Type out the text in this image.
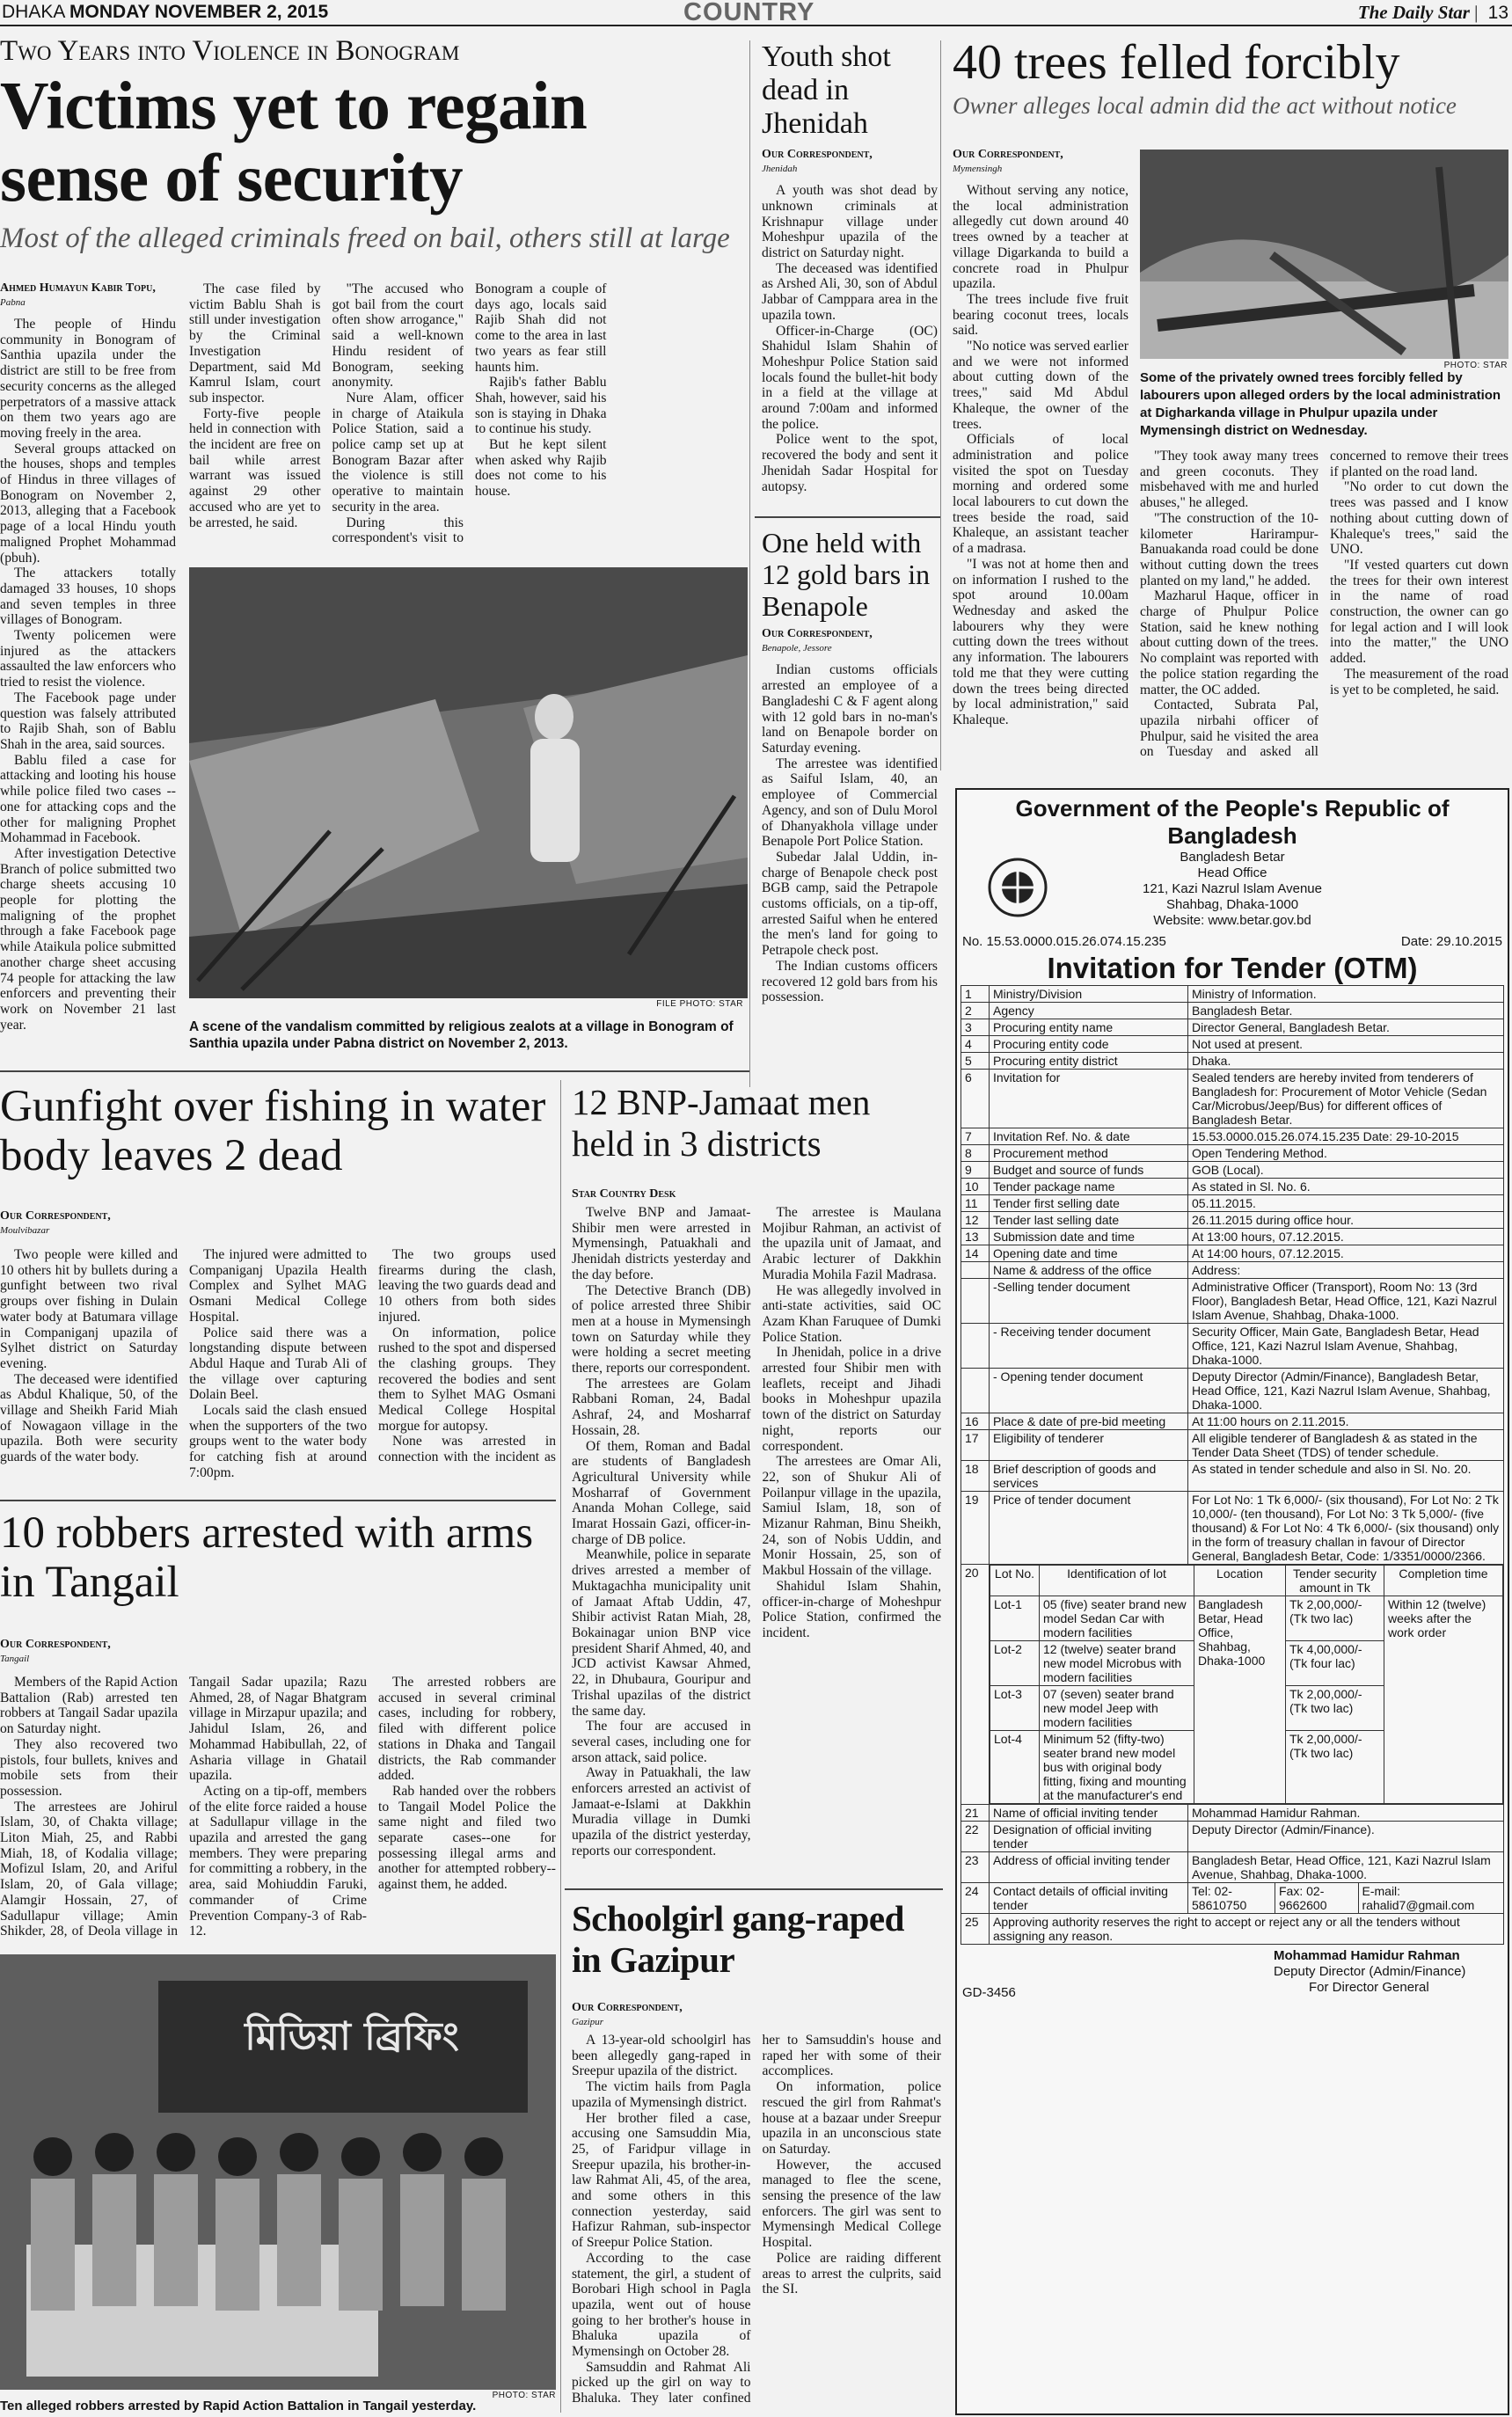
DHAKA MONDAY NOVEMBER 2, 2015	COUNTRY	The Daily Star | 13
Two Years into Violence in Bonogram
Victims yet to regain sense of security
Most of the alleged criminals freed on bail, others still at large
Ahmed Humayun Kabir Topu,
Pabna

The people of Hindu community in Bonogram of Santhia upazila under the district are still to be free from security concerns as the alleged perpetrators of a massive attack on them two years ago are moving freely in the area.

Several groups attacked on the houses, shops and temples of Hindus in three villages of Bonogram on November 2, 2013, alleging that a Facebook page of a local Hindu youth maligned Prophet Mohammad (pbuh).

The attackers totally damaged 33 houses, 10 shops and seven temples in three villages of Bonogram.

Twenty policemen were injured as the attackers assaulted the law enforcers who tried to resist the violence.

The Facebook page under question was falsely attributed to Rajib Shah, son of Bablu Shah in the area, said sources.

Bablu filed a case for attacking and looting his house while police filed two cases -- one for attacking cops and the other for maligning Prophet Mohammad in Facebook.

After investigation Detective Branch of police submitted two charge sheets accusing 10 people for plotting the maligning of the prophet through a fake Facebook page while Ataikula police submitted another charge sheet accusing 74 people for attacking the law enforcers and preventing their work on November 21 last year.

The case filed by victim Bablu Shah is still under investigation by the Criminal Investigation Department, said Md Kamrul Islam, court sub inspector.

Forty-five people held in connection with the incident are free on bail while arrest warrant was issued against 29 other accused who are yet to be arrested, he said.

"The accused who got bail from the court often show arrogance," said a well-known Hindu resident of Bonogram, seeking anonymity.

Nure Alam, officer in charge of Ataikula Police Station, said a police camp set up at Bonogram Bazar after the violence is still operative to maintain security in the area.

During this correspondent's visit to Bonogram a couple of days ago, locals said Rajib Shah did not come to the area in last two years as fear still haunts him.

Rajib's father Bablu Shah, however, said his son is staying in Dhaka to continue his study.

But he kept silent when asked why Rajib does not come to his house.

FILE PHOTO: STAR
A scene of the vandalism committed by religious zealots at a village in Bonogram of Santhia upazila under Pabna district on November 2, 2013.
Youth shot dead in Jhenidah
Our Correspondent,
Jhenidah

A youth was shot dead by unknown criminals at Krishnapur village under Moheshpur upazila of the district on Saturday night.

The deceased was identified as Arshed Ali, 30, son of Abdul Jabbar of Camppara area in the upazila town.

Officer-in-Charge (OC) Shahidul Islam Shahin of Moheshpur Police Station said locals found the bullet-hit body in a field at the village at around 7:00am and informed the police.

Police went to the spot, recovered the body and sent it Jhenidah Sadar Hospital for autopsy.

One held with 12 gold bars in Benapole
Our Correspondent,
Benapole, Jessore

Indian customs officials arrested an employee of a Bangladeshi C & F agent along with 12 gold bars in no-man's land on Benapole border on Saturday evening.

The arrestee was identified as Saiful Islam, 40, an employee of Commercial Agency, and son of Dulu Morol of Dhanyakhola village under Benapole Port Police Station.

Subedar Jalal Uddin, in-charge of Benapole check post BGB camp, said the Petrapole customs officials, on a tip-off, arrested Saiful when he entered the men's land for going to Petrapole check post.

The Indian customs officers recovered 12 gold bars from his possession.

40 trees felled forcibly
Owner alleges local admin did the act without notice
Our Correspondent,
Mymensingh

Without serving any notice, the local administration allegedly cut down around 40 trees owned by a teacher at village Digarkanda to build a concrete road in Phulpur upazila.

The trees include five fruit bearing coconut trees, locals said.

"No notice was served earlier and we were not informed about cutting down of the trees," said Md Abdul Khaleque, the owner of the trees.

Officials of local administration and police visited the spot on Tuesday morning and ordered some local labourers to cut down the trees beside the road, said Khaleque, an assistant teacher of a madrasa.

"I was not at home then and on information I rushed to the spot around 10.00am Wednesday and asked the labourers why they were cutting down the trees without any information. The labourers told me that they were cutting down the trees being directed by local administration," said Khaleque.

PHOTO: STAR
Some of the privately owned trees forcibly felled by labourers upon alleged orders by the local administration at Digharkanda village in Phulpur upazila under Mymensingh district on Wednesday.

"They took away many trees and green coconuts. They misbehaved with me and hurled abuses," he alleged.

"The construction of the 10-kilometer Harirampur-Banuakanda road could be done without cutting down the trees planted on my land," he added.

Mazharul Haque, officer in charge of Phulpur Police Station, said he knew nothing about cutting down of the trees. No complaint was reported with the police station regarding the matter, the OC added.

Contacted, Subrata Pal, upazila nirbahi officer of Phulpur, said he visited the area on Tuesday and asked all concerned to remove their trees if planted on the road land.

"No order to cut down the trees was passed and I know nothing about cutting down of Khaleque's trees," said the UNO.

"If vested quarters cut down the trees for their own interest in the name of road construction, the owner can go for legal action and I will look into the matter," the UNO added.

The measurement of the road is yet to be completed, he said.

Gunfight over fishing in water body leaves 2 dead
Our Correspondent,
Moulvibazar

Two people were killed and 10 others hit by bullets during a gunfight between two rival groups over fishing in Dulain water body at Batumara village in Companiganj upazila of Sylhet district on Saturday evening.

The deceased were identified as Abdul Khalique, 50, of the village and Sheikh Farid Miah of Nowagaon village in the upazila. Both were security guards of the water body.

The injured were admitted to Companiganj Upazila Health Complex and Sylhet MAG Osmani Medical College Hospital.

Police said there was a longstanding dispute between Abdul Haque and Turab Ali of the village over capturing Dolain Beel.

Locals said the clash ensued when the supporters of the two groups went to the water body for catching fish at around 7:00pm.

The two groups used firearms during the clash, leaving the two guards dead and 10 others from both sides injured.

On information, police rushed to the spot and dispersed the clashing groups. They recovered the bodies and sent them to Sylhet MAG Osmani Medical College Hospital morgue for autopsy.

None was arrested in connection with the incident as

10 robbers arrested with arms in Tangail
Our Correspondent,
Tangail

Members of the Rapid Action Battalion (Rab) arrested ten robbers at Tangail Sadar upazila on Saturday night.

They also recovered two pistols, four bullets, knives and mobile sets from their possession.

The arrestees are Johirul Islam, 30, of Chakta village; Liton Miah, 25, and Rabbi Miah, 18, of Kodalia village; Mofizul Islam, 20, and Ariful Islam, 20, of Gala village; Alamgir Hossain, 27, of Sadullapur village; Amin Shikder, 28, of Deola village in Tangail Sadar upazila; Razu Ahmed, 28, of Nagar Bhatgram village in Mirzapur upazila; and Jahidul Islam, 26, and Mohammad Habibullah, 22, of Asharia village in Ghatail upazila.

Acting on a tip-off, members of the elite force raided a house at Sadullapur village in the upazila and arrested the gang members. They were preparing for committing a robbery, in the area, said Mohiuddin Faruki, commander of Crime Prevention Company-3 of Rab-12.

The arrested robbers are accused in several criminal cases, including for robbery, filed with different police stations in Dhaka and Tangail districts, the Rab commander added.

Rab handed over the robbers to Tangail Model Police the same night and filed two separate cases--one for possessing illegal arms and another for attempted robbery-- against them, he added.

মিডিয়া ব্রিফিং
PHOTO: STAR
Ten alleged robbers arrested by Rapid Action Battalion in Tangail yesterday.
12 BNP-Jamaat men held in 3 districts
Star Country Desk

Twelve BNP and Jamaat-Shibir men were arrested in Mymensingh, Patuakhali and Jhenidah districts yesterday and the day before.

The Detective Branch (DB) of police arrested three Shibir men at a house in Mymensingh town on Saturday while they were holding a secret meeting there, reports our correspondent.

The arrestees are Golam Rabbani Roman, 24, Badal Ashraf, 24, and Mosharraf Hossain, 28.

Of them, Roman and Badal are students of Bangladesh Agricultural University while Mosharraf of Government Ananda Mohan College, said Imarat Hossain Gazi, officer-in-charge of DB police.

Meanwhile, police in separate drives arrested a member of Muktagachha municipality unit of Jamaat Aftab Uddin, 47, Shibir activist Ratan Miah, 28, Bokainagar union BNP vice president Sharif Ahmed, 40, and JCD activist Kawsar Ahmed, 22, in Dhubaura, Gouripur and Trishal upazilas of the district the same day.

The four are accused in several cases, including one for arson attack, said police.

Away in Patuakhali, the law enforcers arrested an activist of Jamaat-e-Islami at Dakkhin Muradia village in Dumki upazila of the district yesterday, reports our correspondent.

The arrestee is Maulana Mojibur Rahman, an activist of the upazila unit of Jamaat, and Arabic lecturer of Dakkhin Muradia Mohila Fazil Madrasa.

He was allegedly involved in anti-state activities, said OC Azam Khan Faruquee of Dumki Police Station.

In Jhenidah, police in a drive arrested four Shibir men with leaflets, receipt and Jihadi books in Moheshpur upazila town of the district on Saturday night, reports our correspondent.

The arrestees are Omar Ali, 22, son of Shukur Ali of Poilanpur village in the upazila, Samiul Islam, 18, son of Mizanur Rahman, Binu Sheikh, 24, son of Nobis Uddin, and Monir Hossain, 25, son of Makbul Hossain of the village.

Shahidul Islam Shahin, officer-in-charge of Moheshpur Police Station, confirmed the incident.

Schoolgirl gang-raped in Gazipur
Our Correspondent,
Gazipur

A 13-year-old schoolgirl has been allegedly gang-raped in Sreepur upazila of the district.

The victim hails from Pagla upazila of Mymensingh district.

Her brother filed a case, accusing one Samsuddin Mia, 25, of Faridpur village in Sreepur upazila, his brother-in-law Rahmat Ali, 45, of the area, and some others in this connection yesterday, said Hafizur Rahman, sub-inspector of Sreepur Police Station.

According to the case statement, the girl, a student of Borobari High school in Pagla upazila, went out of house going to her brother's house in Bhaluka upazila of Mymensingh on October 28.

Samsuddin and Rahmat Ali picked up the girl on way to Bhaluka. They later confined her to Samsuddin's house and raped her with some of their accomplices.

On information, police rescued the girl from Rahmat's house at a bazaar under Sreepur upazila in an unconscious state on Saturday.

However, the accused managed to flee the scene, sensing the presence of the law enforcers. The girl was sent to Mymensingh Medical College Hospital.

Police are raiding different areas to arrest the culprits, said the SI.

Government of the People's Republic of Bangladesh
Bangladesh Betar
Head Office
121, Kazi Nazrul Islam Avenue
Shahbag, Dhaka-1000
Website: www.betar.gov.bd
No. 15.53.0000.015.26.074.15.235	Date: 29.10.2015
Invitation for Tender (OTM)
1	Ministry/Division	Ministry of Information.
2	Agency	Bangladesh Betar.
3	Procuring entity name	Director General, Bangladesh Betar.
4	Procuring entity code	Not used at present.
5	Procuring entity district	Dhaka.
6	Invitation for	Sealed tenders are hereby invited from tenderers of Bangladesh for: Procurement of Motor Vehicle (Sedan Car/Microbus/Jeep/Bus) for different offices of Bangladesh Betar.
7	Invitation Ref. No. & date	15.53.0000.015.26.074.15.235 Date: 29-10-2015
8	Procurement method	Open Tendering Method.
9	Budget and source of funds	GOB (Local).
10	Tender package name	As stated in Sl. No. 6.
11	Tender first selling date	05.11.2015.
12	Tender last selling date	26.11.2015 during office hour.
13	Submission date and time	At 13:00 hours, 07.12.2015.
14	Opening date and time	At 14:00 hours, 07.12.2015.
	Name & address of the office	Address:
	-Selling tender document	Administrative Officer (Transport), Room No: 13 (3rd Floor), Bangladesh Betar, Head Office, 121, Kazi Nazrul Islam Avenue, Shahbag, Dhaka-1000.
	- Receiving tender document	Security Officer, Main Gate, Bangladesh Betar, Head Office, 121, Kazi Nazrul Islam Avenue, Shahbag, Dhaka-1000.
	- Opening tender document	Deputy Director (Admin/Finance), Bangladesh Betar, Head Office, 121, Kazi Nazrul Islam Avenue, Shahbag, Dhaka-1000.
16	Place & date of pre-bid meeting	At 11:00 hours on 2.11.2015.
17	Eligibility of tenderer	All eligible tenderer of Bangladesh & as stated in the Tender Data Sheet (TDS) of tender schedule.
18	Brief description of goods and services	As stated in tender schedule and also in Sl. No. 20.
19	Price of tender document	For Lot No: 1 Tk 6,000/- (six thousand), For Lot No: 2 Tk 10,000/- (ten thousand), For Lot No: 3 Tk 5,000/- (five thousand) & For Lot No: 4 Tk 6,000/- (six thousand) only in the form of treasury challan in favour of Director General, Bangladesh Betar, Code: 1/3351/0000/2366.
20	Lot No.	Identification of lot	Location	Tender security amount in Tk	Completion time
Lot-1	05 (five) seater brand new model Sedan Car with modern facilities	Bangladesh Betar, Head Office, Shahbag, Dhaka-1000	Tk 2,00,000/- (Tk two lac)	Within 12 (twelve) weeks after the work order
Lot-2	12 (twelve) seater brand new model Microbus with modern facilities	Tk 4,00,000/- (Tk four lac)
Lot-3	07 (seven) seater brand new model Jeep with modern facilities	Tk 2,00,000/- (Tk two lac)
Lot-4	Minimum 52 (fifty-two) seater brand new model bus with original body fitting, fixing and mounting at the manufacturer's end	Tk 2,00,000/- (Tk two lac)
21	Name of official inviting tender	Mohammad Hamidur Rahman.
22	Designation of official inviting tender	Deputy Director (Admin/Finance).
23	Address of official inviting tender	Bangladesh Betar, Head Office, 121, Kazi Nazrul Islam Avenue, Shahbag, Dhaka-1000.
24	Contact details of official inviting tender	Tel: 02-58610750	Fax: 02-9662600	E-mail: rahalid7@gmail.com
25	Approving authority reserves the right to accept or reject any or all the tenders without assigning any reason.
Mohammad Hamidur Rahman
Deputy Director (Admin/Finance)
For Director General
GD-3456
